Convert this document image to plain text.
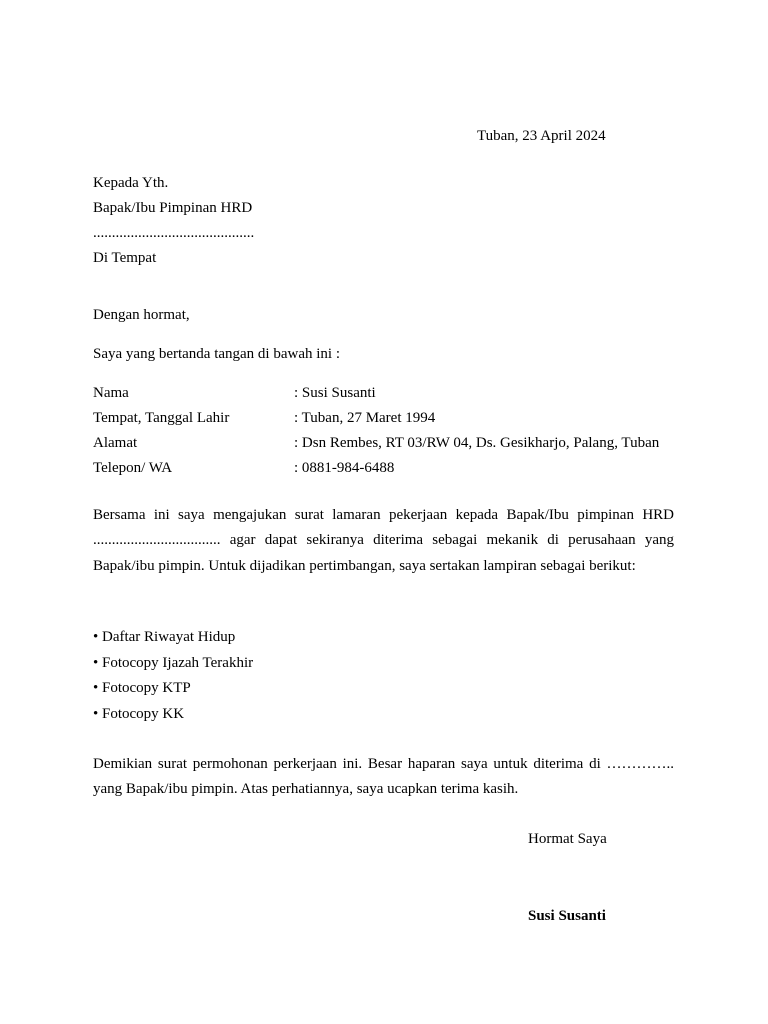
Tuban, 23 April 2024
Kepada Yth.
Bapak/Ibu Pimpinan HRD
...........................................
Di Tempat
Dengan hormat,
Saya yang bertanda tangan di bawah ini :
Nama	: Susi Susanti
Tempat, Tanggal Lahir	: Tuban, 27 Maret 1994
Alamat	: Dsn Rembes, RT 03/RW 04, Ds. Gesikharjo, Palang, Tuban
Telepon/ WA	: 0881-984-6488
Bersama ini saya mengajukan surat lamaran pekerjaan kepada Bapak/Ibu pimpinan HRD .................................. agar dapat sekiranya diterima sebagai mekanik di perusahaan yang Bapak/ibu pimpin. Untuk dijadikan pertimbangan, saya sertakan lampiran sebagai berikut:
• Daftar Riwayat Hidup
• Fotocopy Ijazah Terakhir
• Fotocopy KTP
• Fotocopy KK
Demikian surat permohonan perkerjaan ini. Besar haparan saya untuk diterima di ………….. yang Bapak/ibu pimpin. Atas perhatiannya, saya ucapkan terima kasih.
Hormat Saya
Susi Susanti
